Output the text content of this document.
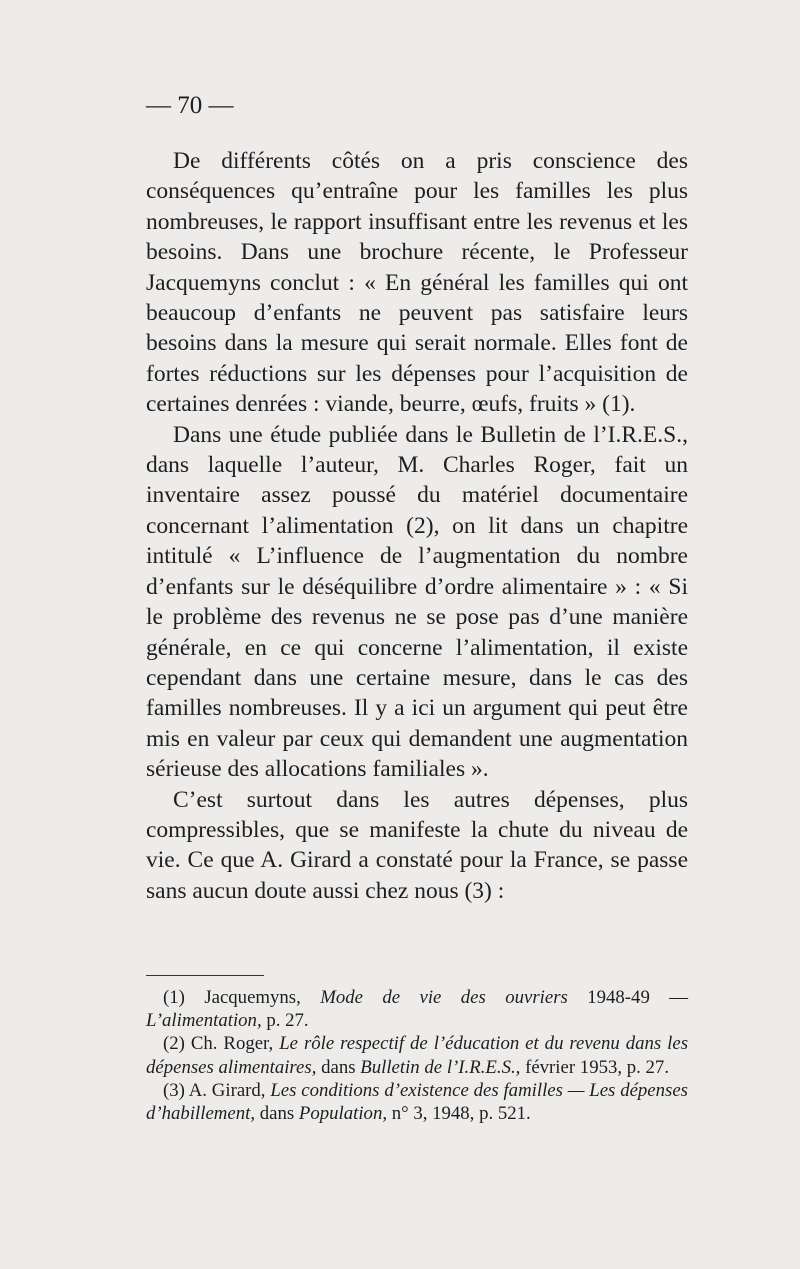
— 70 —

De différents côtés on a pris conscience des conséquences qu’entraîne pour les familles les plus nombreuses, le rapport insuffisant entre les revenus et les besoins. Dans une brochure récente, le Professeur Jacquemyns conclut : « En général les familles qui ont beaucoup d’enfants ne peuvent pas satisfaire leurs besoins dans la mesure qui serait normale. Elles font de fortes réductions sur les dépenses pour l’acquisition de certaines denrées : viande, beurre, œufs, fruits » (1).

Dans une étude publiée dans le Bulletin de l’I.R.E.S., dans laquelle l’auteur, M. Charles Roger, fait un inventaire assez poussé du matériel documentaire concernant l’alimentation (2), on lit dans un chapitre intitulé « L’influence de l’augmentation du nombre d’enfants sur le déséquilibre d’ordre alimentaire » : « Si le problème des revenus ne se pose pas d’une manière générale, en ce qui concerne l’alimentation, il existe cependant dans une certaine mesure, dans le cas des familles nombreuses. Il y a ici un argument qui peut être mis en valeur par ceux qui demandent une augmentation sérieuse des allocations familiales ».

C’est surtout dans les autres dépenses, plus compressibles, que se manifeste la chute du niveau de vie. Ce que A. Girard a constaté pour la France, se passe sans aucun doute aussi chez nous (3) :

(1) Jacquemyns, Mode de vie des ouvriers 1948-49 — L’alimentation, p. 27.

(2) Ch. Roger, Le rôle respectif de l’éducation et du revenu dans les dépenses alimentaires, dans Bulletin de l’I.R.E.S., février 1953, p. 27.

(3) A. Girard, Les conditions d’existence des familles — Les dépenses d’habillement, dans Population, n° 3, 1948, p. 521.
